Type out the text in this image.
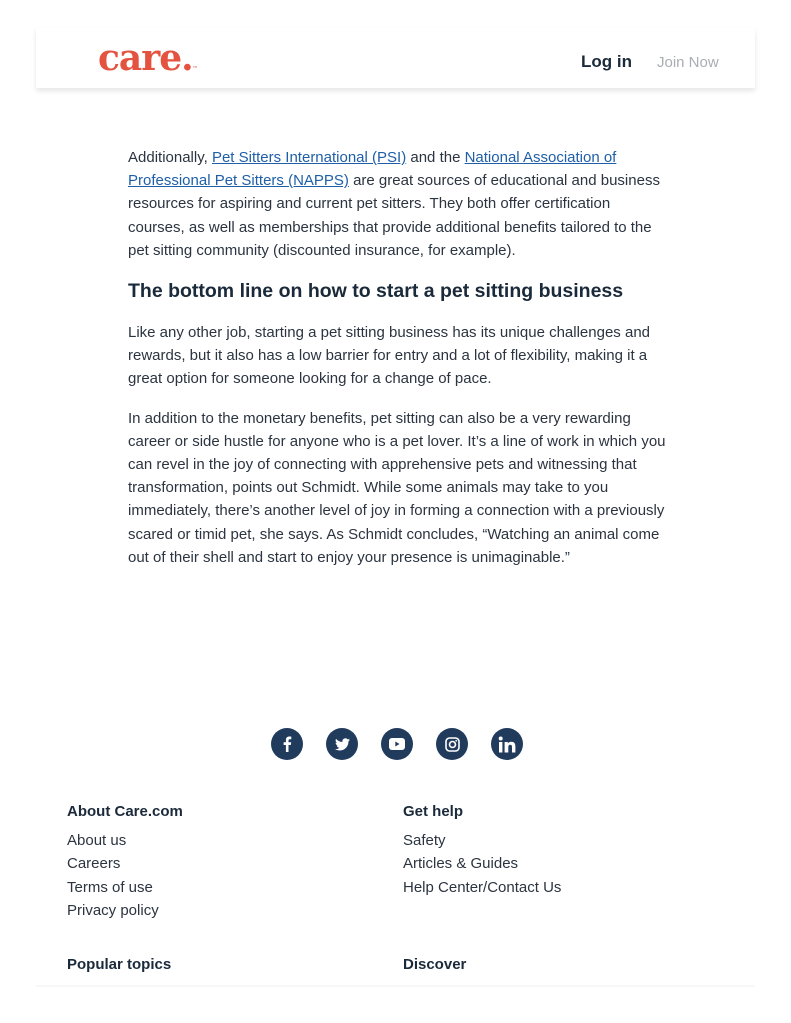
care.™	Log in Join Now

Additionally, Pet Sitters International (PSI) and the National Association of Professional Pet Sitters (NAPPS) are great sources of educational and business resources for aspiring and current pet sitters. They both offer certification courses, as well as memberships that provide additional benefits tailored to the pet sitting community (discounted insurance, for example).

The bottom line on how to start a pet sitting business

Like any other job, starting a pet sitting business has its unique challenges and rewards, but it also has a low barrier for entry and a lot of flexibility, making it a great option for someone looking for a change of pace.

In addition to the monetary benefits, pet sitting can also be a very rewarding career or side hustle for anyone who is a pet lover. It’s a line of work in which you can revel in the joy of connecting with apprehensive pets and witnessing that transformation, points out Schmidt. While some animals may take to you immediately, there’s another level of joy in forming a connection with a previously scared or timid pet, she says. As Schmidt concludes, “Watching an animal come out of their shell and start to enjoy your presence is unimaginable.”

About Care.com
About us
Careers
Terms of use
Privacy policy
Get help
Safety
Articles & Guides
Help Center/Contact Us
Popular topics	Discover
